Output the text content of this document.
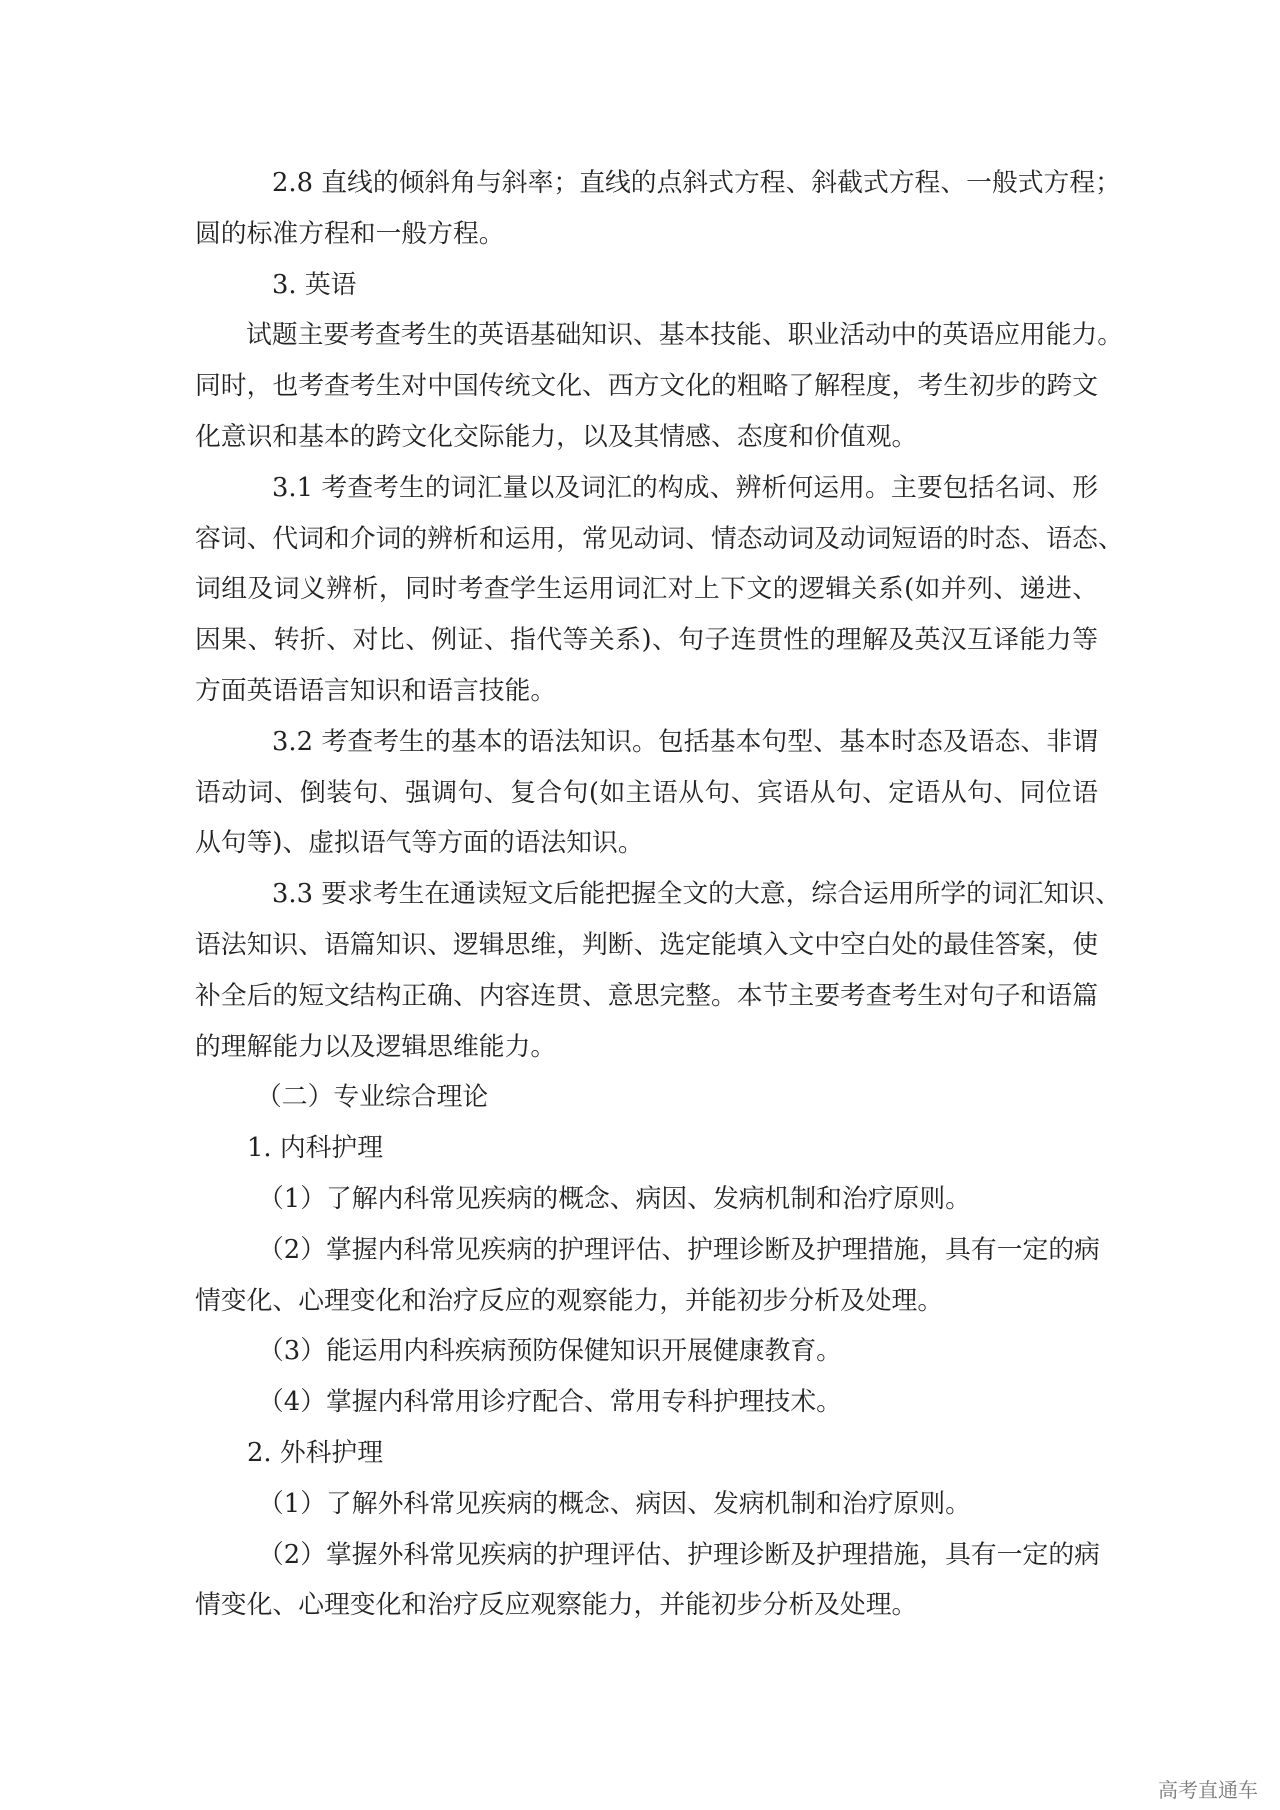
2.8 直线的倾斜角与斜率；直线的点斜式方程、斜截式方程、一般式方程；
圆的标准方程和一般方程。
3. 英语
试题主要考查考生的英语基础知识、基本技能、职业活动中的英语应用能力。
同时，也考查考生对中国传统文化、西方文化的粗略了解程度，考生初步的跨文
化意识和基本的跨文化交际能力，以及其情感、态度和价值观。
3.1 考查考生的词汇量以及词汇的构成、辨析何运用。主要包括名词、形
容词、代词和介词的辨析和运用，常见动词、情态动词及动词短语的时态、语态、
词组及词义辨析，同时考查学生运用词汇对上下文的逻辑关系(如并列、递进、
因果、转折、对比、例证、指代等关系)、句子连贯性的理解及英汉互译能力等
方面英语语言知识和语言技能。
3.2 考查考生的基本的语法知识。包括基本句型、基本时态及语态、非谓
语动词、倒装句、强调句、复合句(如主语从句、宾语从句、定语从句、同位语
从句等)、虚拟语气等方面的语法知识。
3.3 要求考生在通读短文后能把握全文的大意，综合运用所学的词汇知识、
语法知识、语篇知识、逻辑思维，判断、选定能填入文中空白处的最佳答案，使
补全后的短文结构正确、内容连贯、意思完整。本节主要考查考生对句子和语篇
的理解能力以及逻辑思维能力。
（二）专业综合理论
1. 内科护理
（1）了解内科常见疾病的概念、病因、发病机制和治疗原则。
（2）掌握内科常见疾病的护理评估、护理诊断及护理措施，具有一定的病
情变化、心理变化和治疗反应的观察能力，并能初步分析及处理。
（3）能运用内科疾病预防保健知识开展健康教育。
（4）掌握内科常用诊疗配合、常用专科护理技术。
2. 外科护理
（1）了解外科常见疾病的概念、病因、发病机制和治疗原则。
（2）掌握外科常见疾病的护理评估、护理诊断及护理措施，具有一定的病
情变化、心理变化和治疗反应观察能力，并能初步分析及处理。
高考直通车
